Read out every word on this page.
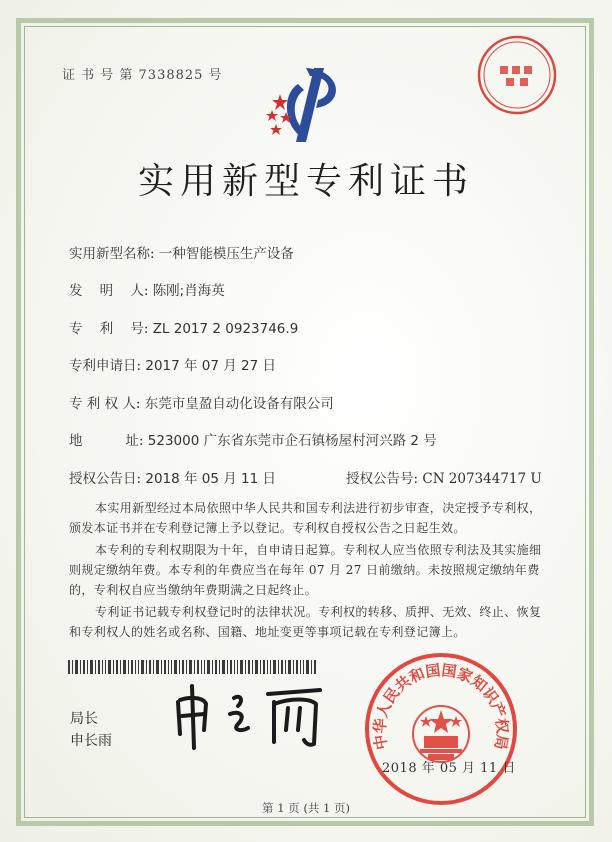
证 书 号 第 7338825 号
实用新型专利证书
实用新型名称: 一种智能模压生产设备
发    明    人: 陈刚;肖海英
专    利    号: ZL 2017 2 0923746.9
专利申请日: 2017 年 07 月 27 日
专 利 权 人: 东莞市皇盈自动化设备有限公司
地          址: 523000 广东省东莞市企石镇杨屋村河兴路 2 号
授权公告日: 2018 年 05 月 11 日	授权公告号: CN 207344717 U
本实用新型经过本局依照中华人民共和国专利法进行初步审查，决定授予专利权，颁发本证书并在专利登记簿上予以登记。专利权自授权公告之日起生效。
本专利的专利权期限为十年，自申请日起算。专利权人应当依照专利法及其实施细则规定缴纳年费。本专利的年费应当在每年 07 月 27 日前缴纳。未按照规定缴纳年费的，专利权自应当缴纳年费期满之日起终止。
专利证书记载专利权登记时的法律状况。专利权的转移、质押、无效、终止、恢复和专利权人的姓名或名称、国籍、地址变更等事项记载在专利登记簿上。
局长
申长雨	中华人民共和国国家知识产权局
2018 年 05 月 11 日
第 1 页 (共 1 页)
